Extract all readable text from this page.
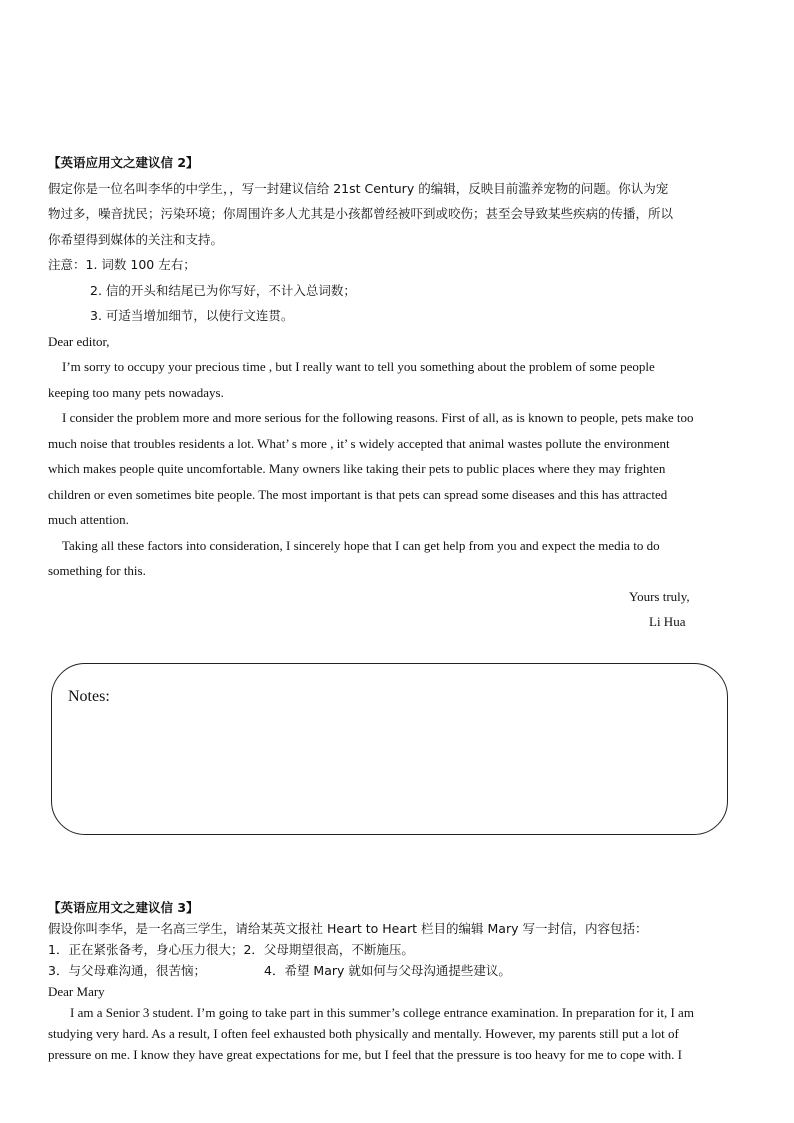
【英语应用文之建议信 2】
假定你是一位名叫李华的中学生，，写一封建议信给 21st Century 的编辑，反映目前滥养宠物的问题。你认为宠
物过多，噪音扰民；污染环境；你周围许多人尤其是小孩都曾经被吓到或咬伤；甚至会导致某些疾病的传播，所以
你希望得到媒体的关注和支持。
注意：1. 词数 100 左右；
2. 信的开头和结尾已为你写好，不计入总词数；
3. 可适当增加细节，以使行文连贯。
Dear editor,
I’m sorry to occupy your precious time , but I really want to tell you something about the problem of some people
keeping too many pets nowadays.
I consider the problem more and more serious for the following reasons. First of all, as is known to people, pets make too
much noise that troubles residents a lot. What’ s more , it’ s widely accepted that animal wastes pollute the environment
which makes people quite uncomfortable. Many owners like taking their pets to public places where they may frighten
children or even sometimes bite people. The most important is that pets can spread some diseases and this has attracted
much attention.
Taking all these factors into consideration, I sincerely hope that I can get help from you and expect the media to do
something for this.
Yours truly,
Li Hua
Notes:
【英语应用文之建议信 3】
假设你叫李华，是一名高三学生，请给某英文报社 Heart to Heart 栏目的编辑 Mary 写一封信，内容包括：
1．正在紧张备考，身心压力很大；2．父母期望很高，不断施压。
3．与父母难沟通，很苦恼；	4．希望 Mary 就如何与父母沟通提些建议。
Dear Mary
I am a Senior 3 student. I’m going to take part in this summer’s college entrance examination. In preparation for it, I am
studying very hard. As a result, I often feel exhausted both physically and mentally. However, my parents still put a lot of
pressure on me. I know they have great expectations for me, but I feel that the pressure is too heavy for me to cope with. I
